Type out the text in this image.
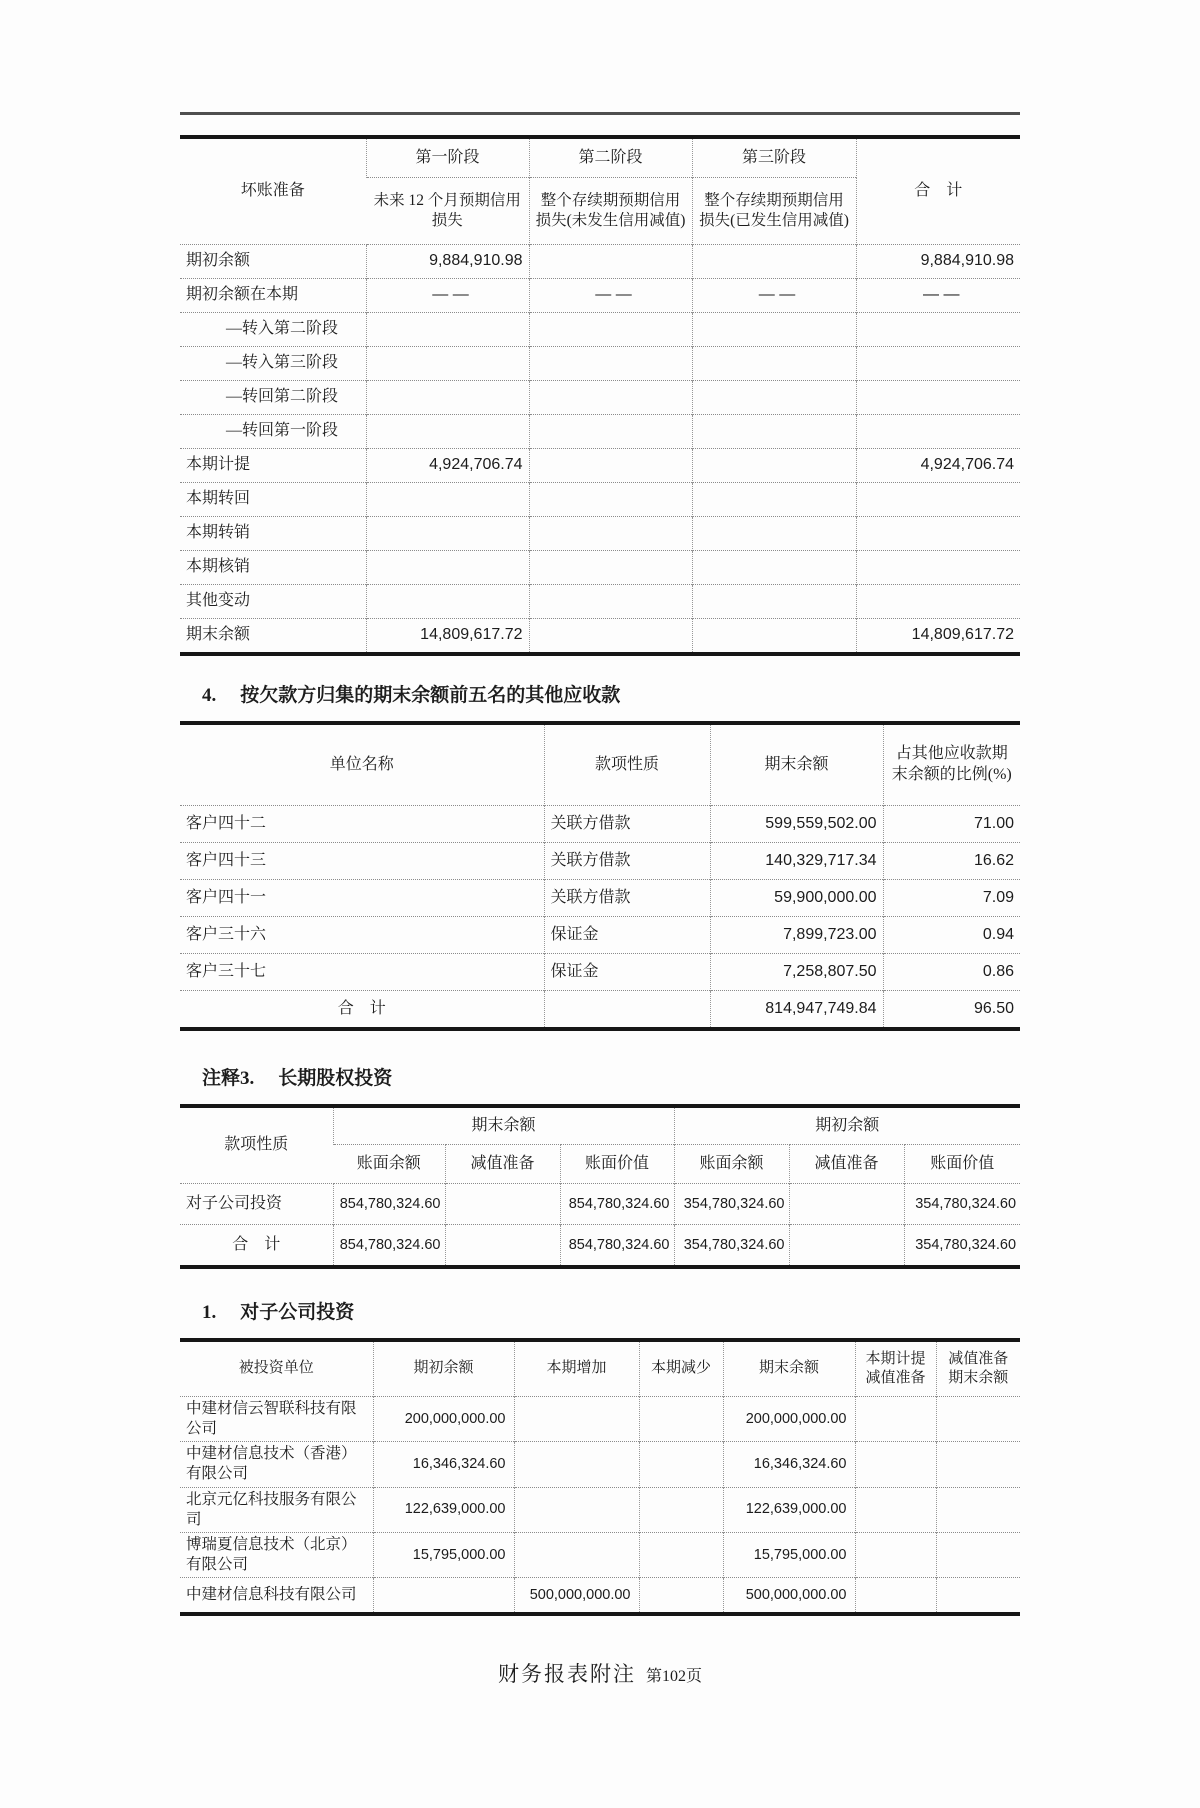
坏账准备	第一阶段	第二阶段	第三阶段	合　计
	未来 12 个月预期信用损失	整个存续期预期信用损失(未发生信用减值)	整个存续期预期信用损失(已发生信用减值)	
期初余额	9,884,910.98			9,884,910.98
期初余额在本期	— —	— —	— —	— —
—转入第二阶段				
—转入第三阶段				
—转回第二阶段				
—转回第一阶段				
本期计提	4,924,706.74			4,924,706.74
本期转回				
本期转销				
本期核销				
其他变动				
期末余额	14,809,617.72			14,809,617.72
4. 按欠款方归集的期末余额前五名的其他应收款
单位名称	款项性质	期末余额	占其他应收款期末余额的比例(%)
客户四十二	关联方借款	599,559,502.00	71.00
客户四十三	关联方借款	140,329,717.34	16.62
客户四十一	关联方借款	59,900,000.00	7.09
客户三十六	保证金	7,899,723.00	0.94
客户三十七	保证金	7,258,807.50	0.86
合　计		814,947,749.84	96.50
注释3. 长期股权投资
款项性质	期末余额			期初余额		
	账面余额	减值准备	账面价值	账面余额	减值准备	账面价值
对子公司投资	854,780,324.60		854,780,324.60	354,780,324.60		354,780,324.60
合　计	854,780,324.60		854,780,324.60	354,780,324.60		354,780,324.60
1. 对子公司投资
被投资单位	期初余额	本期增加	本期减少	期末余额	本期计提减值准备	减值准备期末余额
中建材信云智联科技有限公司	200,000,000.00			200,000,000.00		
中建材信息技术（香港）有限公司	16,346,324.60			16,346,324.60		
北京元亿科技服务有限公司	122,639,000.00			122,639,000.00		
博瑞夏信息技术（北京）有限公司	15,795,000.00			15,795,000.00		
中建材信息科技有限公司		500,000,000.00		500,000,000.00		
财务报表附注 第102页
